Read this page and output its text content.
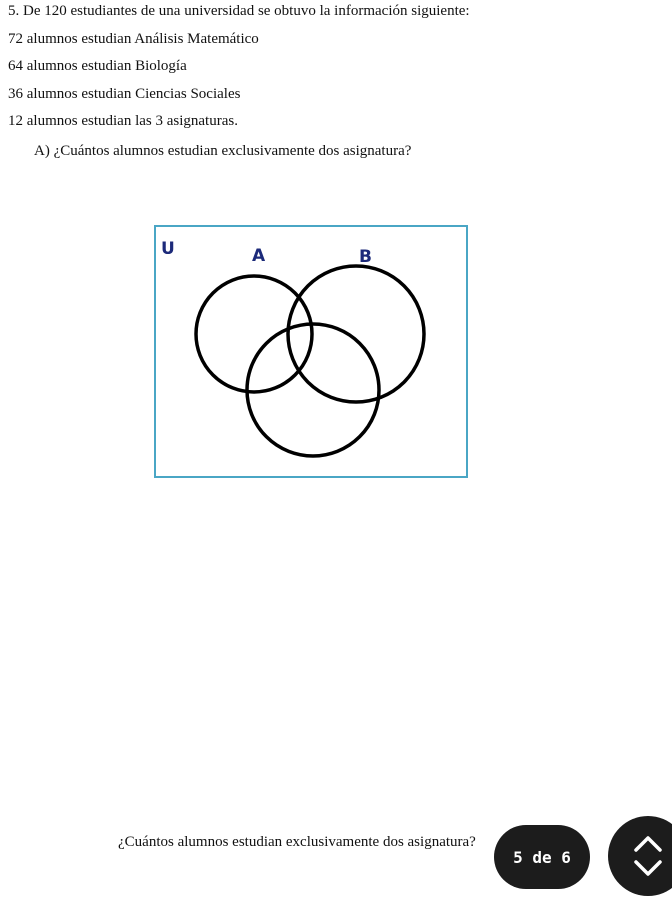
5. De 120 estudiantes de una universidad se obtuvo la información siguiente:
72 alumnos estudian Análisis Matemático
64 alumnos estudian Biología
36 alumnos estudian Ciencias Sociales
12 alumnos estudian las 3 asignaturas.
A) ¿Cuántos alumnos estudian exclusivamente dos asignatura?
U	A	B
¿Cuántos alumnos estudian exclusivamente dos asignatura?
5 de 6
